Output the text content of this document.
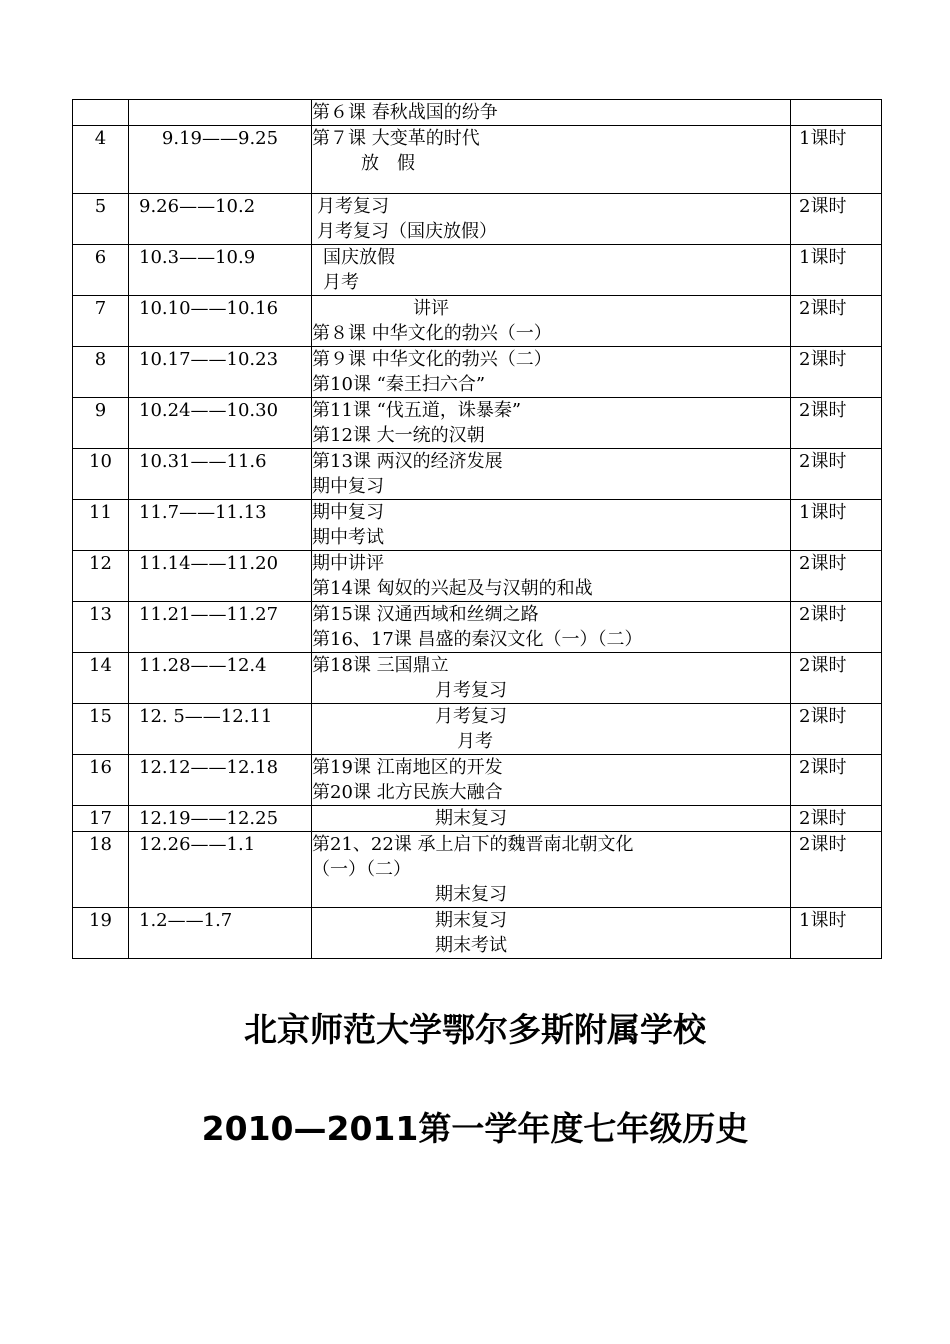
		第６课 春秋战国的纷争	

4	9.19——9.25	第７课 大变革的时代
放　假	1课时
5	9.26——10.2	月考复习
月考复习（国庆放假）	2课时
6	10.3——10.9	国庆放假
月考	1课时
7	10.10——10.16	讲评
第８课 中华文化的勃兴（一）	2课时
8	10.17——10.23	第９课 中华文化的勃兴（二）
第10课 “秦王扫六合”	2课时
9	10.24——10.30	第11课 “伐五道，诛暴秦”
第12课 大一统的汉朝	2课时
10	10.31——11.6	第13课 两汉的经济发展
期中复习	2课时
11	11.7——11.13	期中复习
期中考试	1课时
12	11.14——11.20	期中讲评
第14课 匈奴的兴起及与汉朝的和战	2课时
13	11.21——11.27	第15课 汉通西域和丝绸之路
第16、17课 昌盛的秦汉文化（一）（二）	2课时
14	11.28——12.4	第18课 三国鼎立
月考复习	2课时
15	12. 5——12.11	月考复习
月考	2课时
16	12.12——12.18	第19课 江南地区的开发
第20课 北方民族大融合	2课时
17	12.19——12.25	期末复习	2课时
18	12.26——1.1	第21、22课 承上启下的魏晋南北朝文化
（一）（二）
期末复习	2课时
19	1.2——1.7	期末复习
期末考试	1课时
北京师范大学鄂尔多斯附属学校
2010—2011第一学年度七年级历史
